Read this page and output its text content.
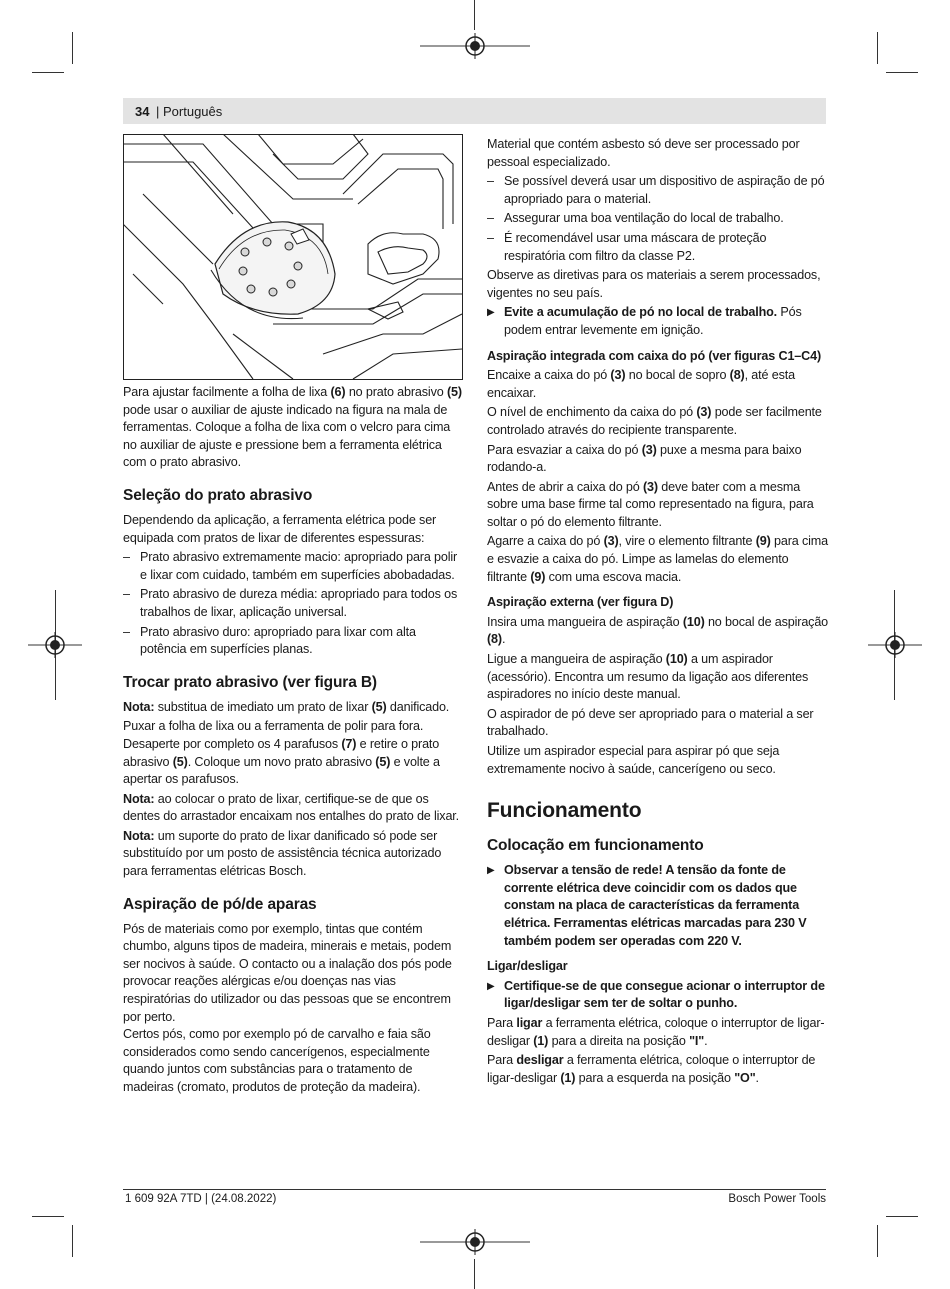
34 | Português

Para ajustar facilmente a folha de lixa (6) no prato abrasivo (5) pode usar o auxiliar de ajuste indicado na figura na mala de ferramentas. Coloque a folha de lixa com o velcro para cima no auxiliar de ajuste e pressione bem a ferramenta elétrica com o prato abrasivo.

Seleção do prato abrasivo

Dependendo da aplicação, a ferramenta elétrica pode ser equipada com pratos de lixar de diferentes espessuras:

– Prato abrasivo extremamente macio: apropriado para polir e lixar com cuidado, também em superfícies abobadadas.
– Prato abrasivo de dureza média: apropriado para todos os trabalhos de lixar, aplicação universal.
– Prato abrasivo duro: apropriado para lixar com alta potência em superfícies planas.
Trocar prato abrasivo (ver figura B)

Nota: substitua de imediato um prato de lixar (5) danificado.

Puxar a folha de lixa ou a ferramenta de polir para fora. Desaperte por completo os 4 parafusos (7) e retire o prato abrasivo (5). Coloque um novo prato abrasivo (5) e volte a apertar os parafusos.

Nota: ao colocar o prato de lixar, certifique-se de que os dentes do arrastador encaixam nos entalhes do prato de lixar.

Nota: um suporte do prato de lixar danificado só pode ser substituído por um posto de assistência técnica autorizado para ferramentas elétricas Bosch.

Aspiração de pó/de aparas

Pós de materiais como por exemplo, tintas que contém chumbo, alguns tipos de madeira, minerais e metais, podem ser nocivos à saúde. O contacto ou a inalação dos pós pode provocar reações alérgicas e/ou doenças nas vias respiratórias do utilizador ou das pessoas que se encontrem por perto.

Certos pós, como por exemplo pó de carvalho e faia são considerados como sendo cancerígenos, especialmente quando juntos com substâncias para o tratamento de madeiras (cromato, produtos de proteção da madeira).

Material que contém asbesto só deve ser processado por pessoal especializado.

– Se possível deverá usar um dispositivo de aspiração de pó apropriado para o material.
– Assegurar uma boa ventilação do local de trabalho.
– É recomendável usar uma máscara de proteção respiratória com filtro da classe P2.

Observe as diretivas para os materiais a serem processados, vigentes no seu país.

▶ Evite a acumulação de pó no local de trabalho. Pós podem entrar levemente em ignição.
Aspiração integrada com caixa do pó (ver figuras C1–C4)

Encaixe a caixa do pó (3) no bocal de sopro (8), até esta encaixar.

O nível de enchimento da caixa do pó (3) pode ser facilmente controlado através do recipiente transparente.

Para esvaziar a caixa do pó (3) puxe a mesma para baixo rodando-a.

Antes de abrir a caixa do pó (3) deve bater com a mesma sobre uma base firme tal como representado na figura, para soltar o pó do elemento filtrante.

Agarre a caixa do pó (3), vire o elemento filtrante (9) para cima e esvazie a caixa do pó. Limpe as lamelas do elemento filtrante (9) com uma escova macia.

Aspiração externa (ver figura D)

Insira uma mangueira de aspiração (10) no bocal de aspiração (8).

Ligue a mangueira de aspiração (10) a um aspirador (acessório). Encontra um resumo da ligação aos diferentes aspiradores no início deste manual.

O aspirador de pó deve ser apropriado para o material a ser trabalhado.

Utilize um aspirador especial para aspirar pó que seja extremamente nocivo à saúde, cancerígeno ou seco.

Funcionamento
Colocação em funcionamento
▶ Observar a tensão de rede! A tensão da fonte de corrente elétrica deve coincidir com os dados que constam na placa de características da ferramenta elétrica. Ferramentas elétricas marcadas para 230 V também podem ser operadas com 220 V.
Ligar/desligar
▶ Certifique-se de que consegue acionar o interruptor de ligar/desligar sem ter de soltar o punho.

Para ligar a ferramenta elétrica, coloque o interruptor de ligar-desligar (1) para a direita na posição "I".

Para desligar a ferramenta elétrica, coloque o interruptor de ligar-desligar (1) para a esquerda na posição "O".

1 609 92A 7TD | (24.08.2022)	Bosch Power Tools
